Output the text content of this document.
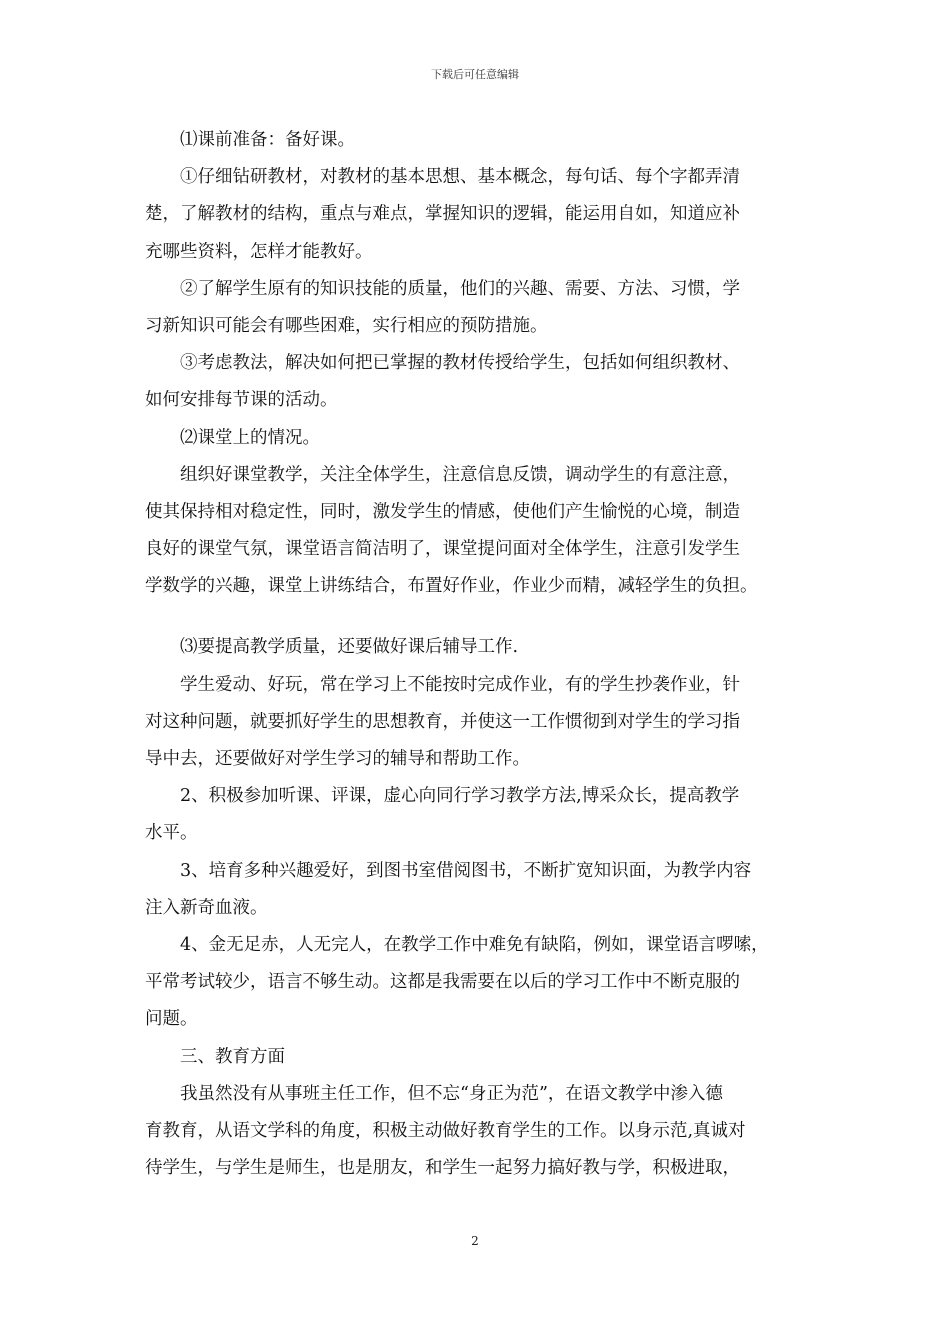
下载后可任意编辑
⑴课前准备：备好课。
①仔细钻研教材，对教材的基本思想、基本概念，每句话、每个字都弄清
楚，了解教材的结构，重点与难点，掌握知识的逻辑，能运用自如，知道应补
充哪些资料，怎样才能教好。
②了解学生原有的知识技能的质量，他们的兴趣、需要、方法、习惯，学
习新知识可能会有哪些困难，实行相应的预防措施。
③考虑教法，解决如何把已掌握的教材传授给学生，包括如何组织教材、
如何安排每节课的活动。
⑵课堂上的情况。
组织好课堂教学，关注全体学生，注意信息反馈，调动学生的有意注意，
使其保持相对稳定性，同时，激发学生的情感，使他们产生愉悦的心境，制造
良好的课堂气氛，课堂语言简洁明了，课堂提问面对全体学生，注意引发学生
学数学的兴趣，课堂上讲练结合，布置好作业，作业少而精，减轻学生的负担。
⑶要提高教学质量，还要做好课后辅导工作.
学生爱动、好玩，常在学习上不能按时完成作业，有的学生抄袭作业，针
对这种问题，就要抓好学生的思想教育，并使这一工作惯彻到对学生的学习指
导中去，还要做好对学生学习的辅导和帮助工作。
2、积极参加听课、评课，虚心向同行学习教学方法,博采众长，提高教学
水平。
3、培育多种兴趣爱好，到图书室借阅图书，不断扩宽知识面，为教学内容
注入新奇血液。
4、金无足赤，人无完人，在教学工作中难免有缺陷，例如，课堂语言啰嗦，
平常考试较少，语言不够生动。这都是我需要在以后的学习工作中不断克服的
问题。
三、教育方面
我虽然没有从事班主任工作，但不忘“身正为范”，在语文教学中渗入德
育教育，从语文学科的角度，积极主动做好教育学生的工作。以身示范,真诚对
待学生，与学生是师生，也是朋友，和学生一起努力搞好教与学，积极进取，
2
